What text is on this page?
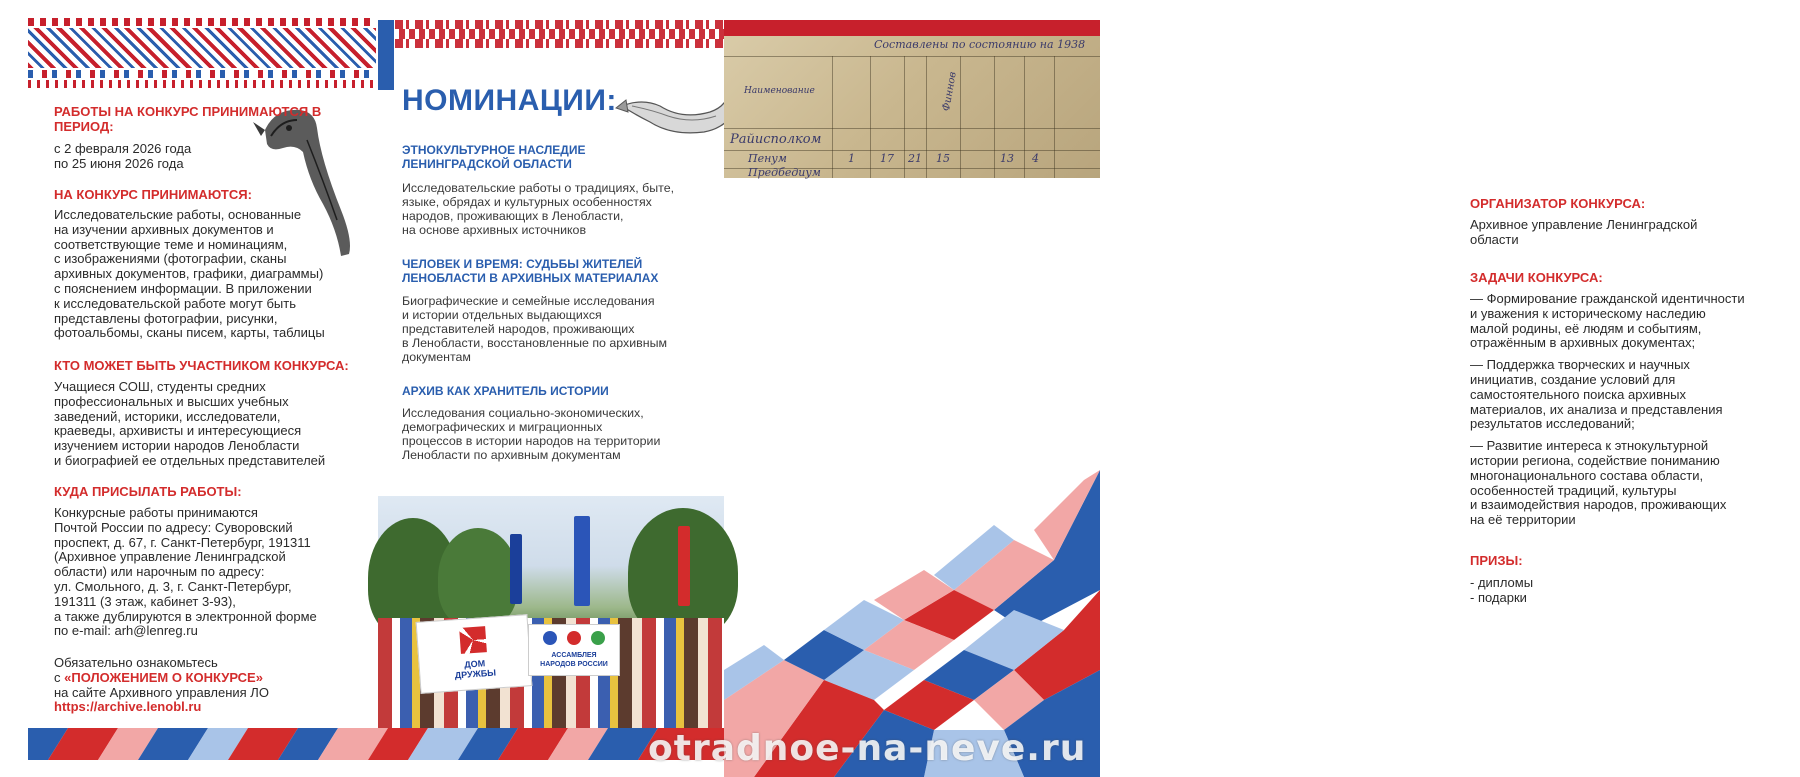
РАБОТЫ НА КОНКУРС ПРИНИМАЮТСЯ В ПЕРИОД:
с 2 февраля 2026 года
по 25 июня 2026 года
НА КОНКУРС ПРИНИМАЮТСЯ:
Исследовательские работы, основанные
на изучении архивных документов и
соответствующие теме и номинациям,
с изображениями (фотографии, сканы
архивных документов, графики, диаграммы)
с пояснением информации. В приложении
к исследовательской работе могут быть
представлены фотографии, рисунки,
фотоальбомы, сканы писем, карты, таблицы
КТО МОЖЕТ БЫТЬ УЧАСТНИКОМ КОНКУРСА:
Учащиеся СОШ, студенты средних
профессиональных и высших учебных
заведений, историки, исследователи,
краеведы, архивисты и интересующиеся
изучением истории народов Ленобласти
и биографией ее отдельных представителей
КУДА ПРИСЫЛАТЬ РАБОТЫ:
Конкурсные работы принимаются
Почтой России по адресу: Суворовский
проспект, д. 67, г. Санкт-Петербург, 191311
(Архивное управление Ленинградской
области) или нарочным по адресу:
ул. Смольного, д. 3, г. Санкт-Петербург,
191311 (3 этаж, кабинет 3-93),
а также дублируются в электронной форме
по e-mail: arh@lenreg.ru
Обязательно ознакомьтесь
с «ПОЛОЖЕНИЕМ О КОНКУРСЕ»
на сайте Архивного управления ЛО
https://archive.lenobl.ru
НОМИНАЦИИ:
ЭТНОКУЛЬТУРНОЕ НАСЛЕДИЕ
ЛЕНИНГРАДСКОЙ ОБЛАСТИ
Исследовательские работы о традициях, быте,
языке, обрядах и культурных особенностях
народов, проживающих в Ленобласти,
на основе архивных источников
ЧЕЛОВЕК И ВРЕМЯ: СУДЬБЫ ЖИТЕЛЕЙ
ЛЕНОБЛАСТИ В АРХИВНЫХ МАТЕРИАЛАХ
Биографические и семейные исследования
и истории отдельных выдающихся
представителей народов, проживающих
в Ленобласти, восстановленные по архивным
документам
АРХИВ КАК ХРАНИТЕЛЬ ИСТОРИИ
Исследования социально-экономических,
демографических и миграционных
процессов в истории народов на территории
Ленобласти по архивным документам
ДОМ
ДРУЖБЫ
АССАМБЛЕЯ
НАРОДОВ РОССИИ
Составлены по состоянию на 1938
Наименование	Финнов
Райисполком
Пенум
Предбедиум
1 17 21 15	13 4
ОРГАНИЗАТОР КОНКУРСА:
Архивное управление Ленинградской
области
ЗАДАЧИ КОНКУРСА:
— Формирование гражданской идентичности
и уважения к историческому наследию
малой родины, её людям и событиям,
отражённым в архивных документах;
— Поддержка творческих и научных
инициатив, создание условий для
самостоятельного поиска архивных
материалов, их анализа и представления
результатов исследований;
— Развитие интереса к этнокультурной
истории региона, содействие пониманию
многонационального состава области,
особенностей традиций, культуры
и взаимодействия народов, проживающих
на её территории
ПРИЗЫ:
- дипломы
- подарки
otradnoe-na-neve.ru
